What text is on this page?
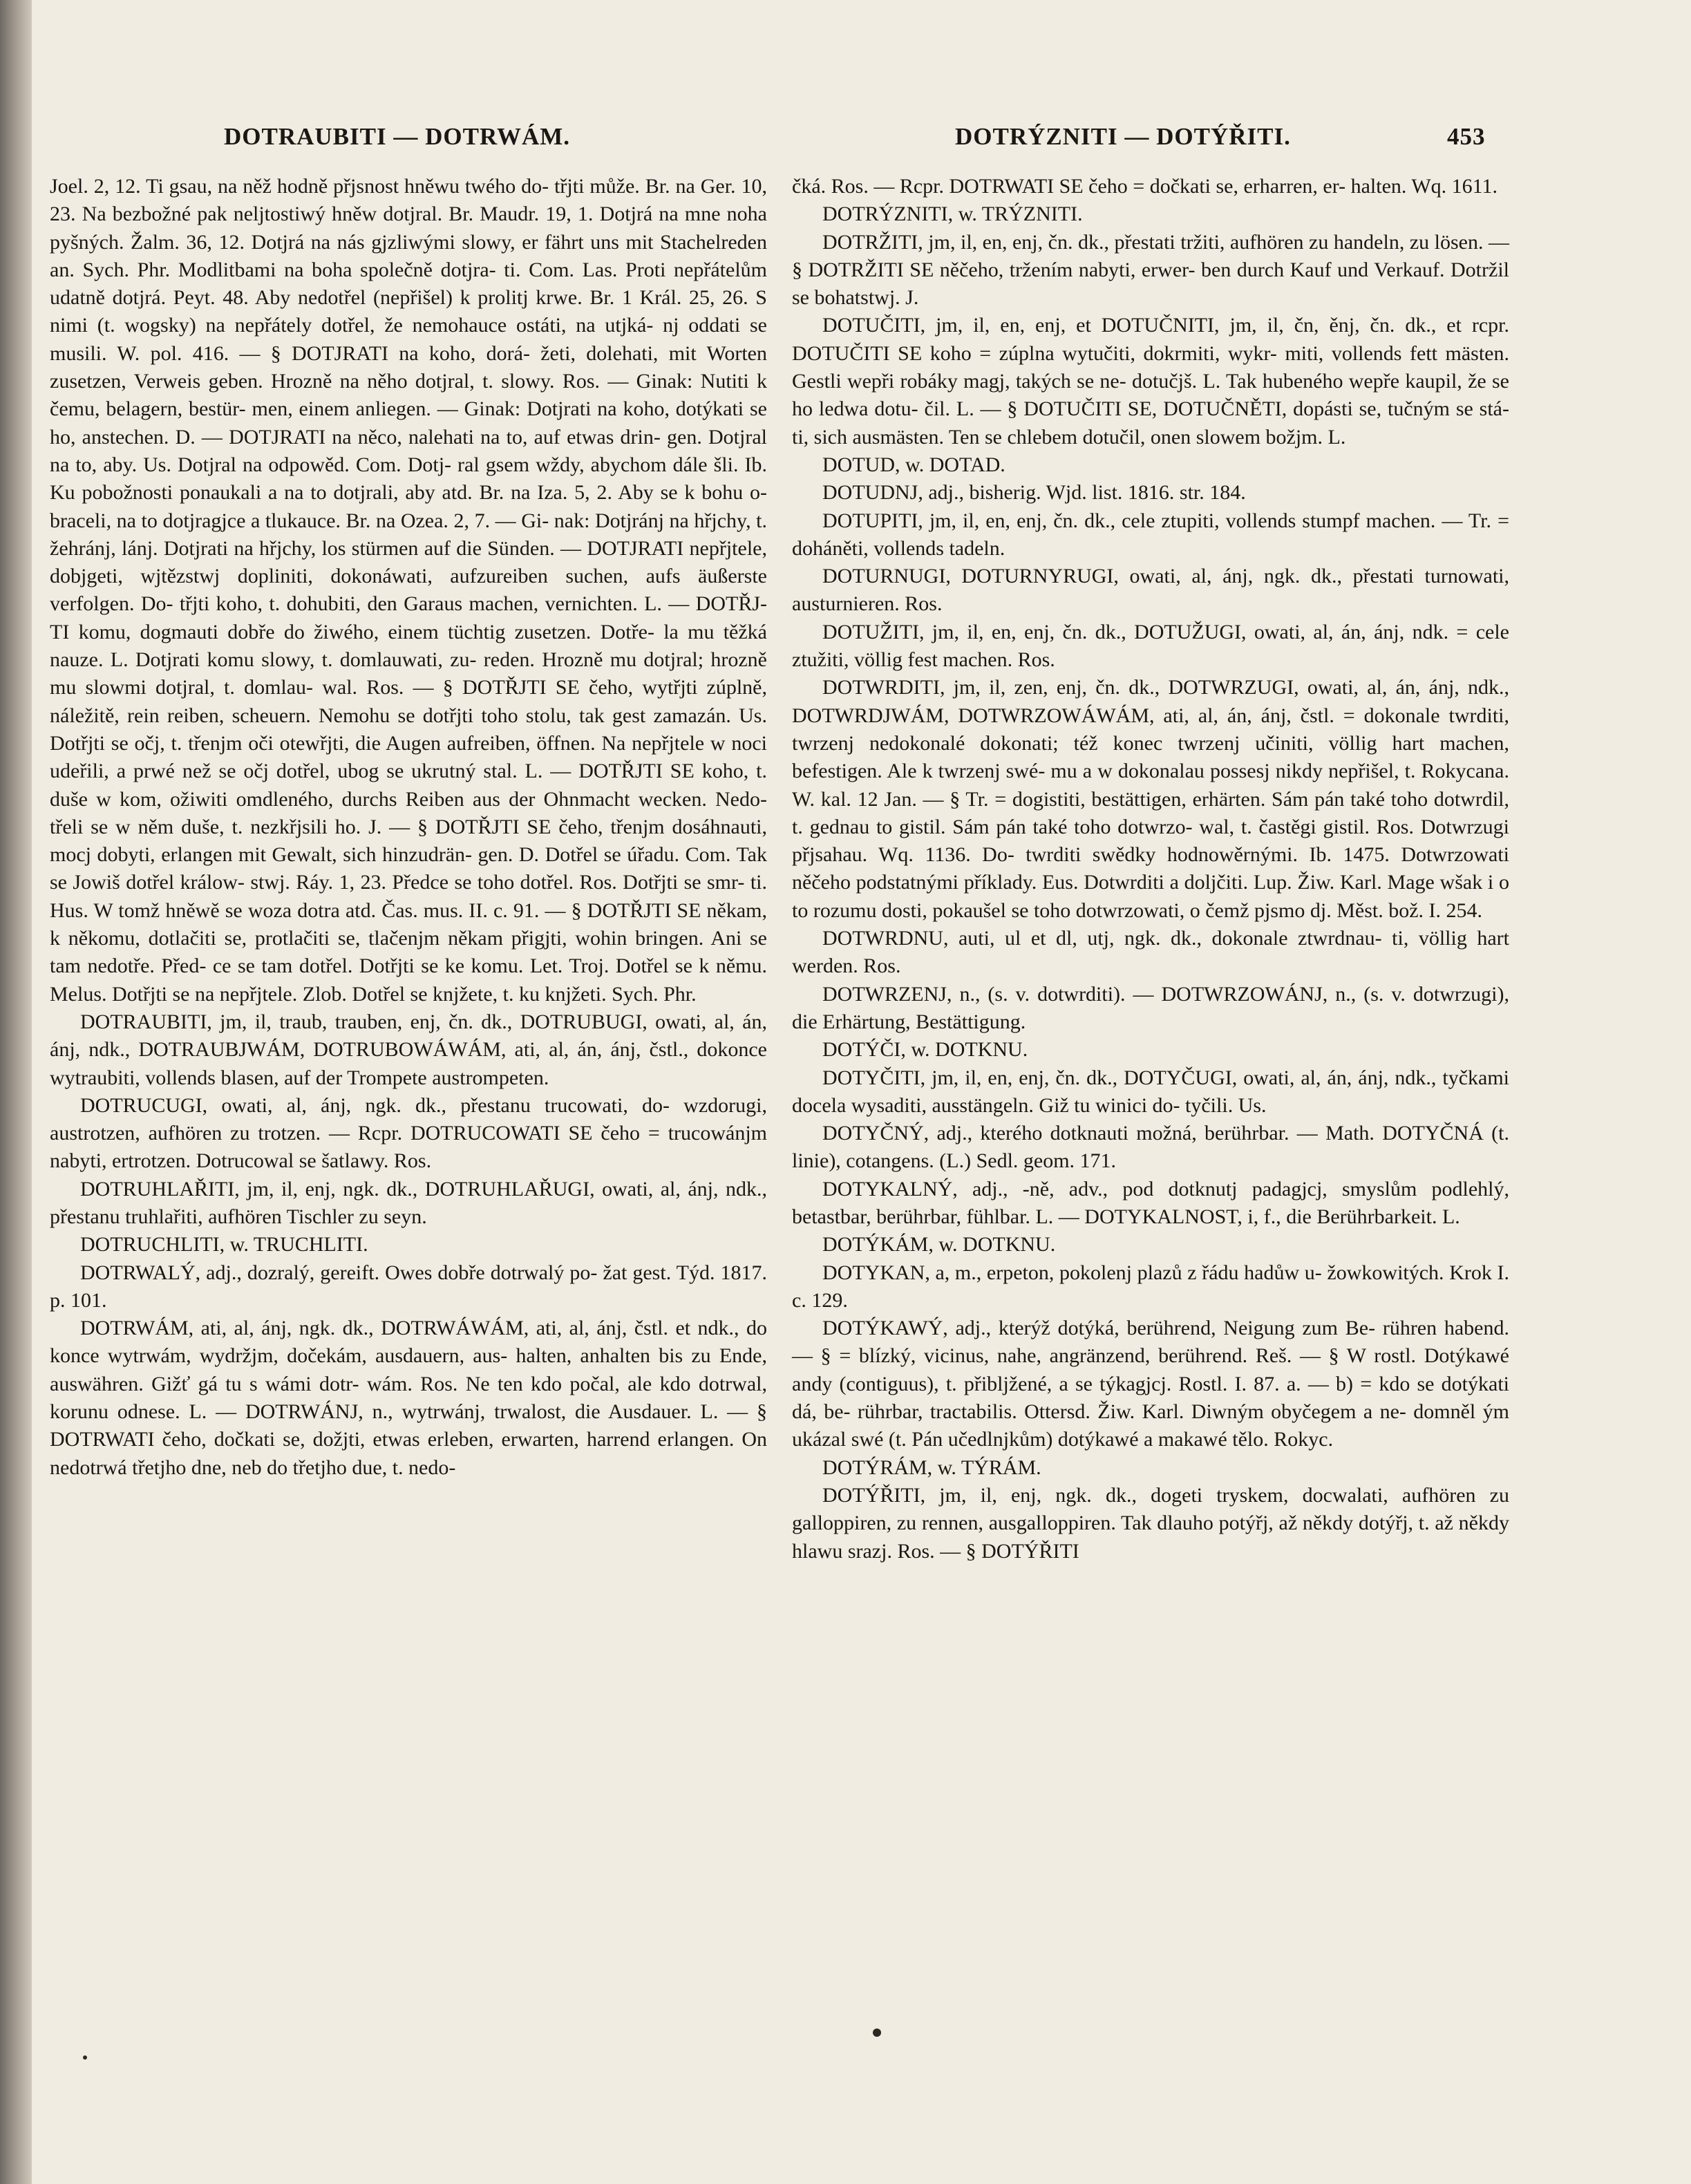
DOTRAUBITI — DOTRWÁM.	DOTRÝZNITI — DOTÝŘITI.	453

Joel. 2, 12. Ti gsau, na něž hodně přjsnost hněwu twého do- třjti může. Br. na Ger. 10, 23. Na bezbožné pak neljtostiwý hněw dotjral. Br. Maudr. 19, 1. Dotjrá na mne noha pyšných. Žalm. 36, 12. Dotjrá na nás gjzliwými slowy, er fährt uns mit Stachelreden an. Sych. Phr. Modlitbami na boha společně dotjra- ti. Com. Las. Proti nepřátelům udatně dotjrá. Peyt. 48. Aby nedotřel (nepřišel) k prolitj krwe. Br. 1 Král. 25, 26. S nimi (t. wogsky) na nepřátely dotřel, že nemohauce ostáti, na utjká- nj oddati se musili. W. pol. 416. — § DOTJRATI na koho, dorá- žeti, dolehati, mit Worten zusetzen, Verweis geben. Hrozně na něho dotjral, t. slowy. Ros. — Ginak: Nutiti k čemu, belagern, bestür- men, einem anliegen. — Ginak: Dotjrati na koho, dotýkati se ho, anstechen. D. — DOTJRATI na něco, nalehati na to, auf etwas drin- gen. Dotjral na to, aby. Us. Dotjral na odpowěd. Com. Dotj- ral gsem wždy, abychom dále šli. Ib. Ku pobožnosti ponaukali a na to dotjrali, aby atd. Br. na Iza. 5, 2. Aby se k bohu o- braceli, na to dotjragjce a tlukauce. Br. na Ozea. 2, 7. — Gi- nak: Dotjránj na hřjchy, t. žehránj, lánj. Dotjrati na hřjchy, los stürmen auf die Sünden. — DOTJRATI nepřjtele, dobjgeti, wjtězstwj dopliniti, dokonáwati, aufzureiben suchen, aufs äußerste verfolgen. Do- třjti koho, t. dohubiti, den Garaus machen, vernichten. L. — DOTŘJ- TI komu, dogmauti dobře do žiwého, einem tüchtig zusetzen. Dotře- la mu těžká nauze. L. Dotjrati komu slowy, t. domlauwati, zu- reden. Hrozně mu dotjral; hrozně mu slowmi dotjral, t. domlau- wal. Ros. — § DOTŘJTI SE čeho, wytřjti zúplně, náležitě, rein reiben, scheuern. Nemohu se dotřjti toho stolu, tak gest zamazán. Us. Dotřjti se očj, t. třenjm oči otewřjti, die Augen aufreiben, öffnen. Na nepřjtele w noci udeřili, a prwé než se očj dotřel, ubog se ukrutný stal. L. — DOTŘJTI SE koho, t. duše w kom, ožiwiti omdleného, durchs Reiben aus der Ohnmacht wecken. Nedo- třeli se w něm duše, t. nezkřjsili ho. J. — § DOTŘJTI SE čeho, třenjm dosáhnauti, mocj dobyti, erlangen mit Gewalt, sich hinzudrän- gen. D. Dotřel se úřadu. Com. Tak se Jowiš dotřel králow- stwj. Ráy. 1, 23. Předce se toho dotřel. Ros. Dotřjti se smr- ti. Hus. W tomž hněwě se woza dotra atd. Čas. mus. II. c. 91. — § DOTŘJTI SE někam, k někomu, dotlačiti se, protlačiti se, tlačenjm někam přigjti, wohin bringen. Ani se tam nedotře. Před- ce se tam dotřel. Dotřjti se ke komu. Let. Troj. Dotřel se k němu. Melus. Dotřjti se na nepřjtele. Zlob. Dotřel se knjžete, t. ku knjžeti. Sych. Phr.

DOTRAUBITI, jm, il, traub, trauben, enj, čn. dk., DOTRUBUGI, owati, al, án, ánj, ndk., DOTRAUBJWÁM, DOTRUBOWÁWÁM, ati, al, án, ánj, čstl., dokonce wytraubiti, vollends blasen, auf der Trompete austrompeten.

DOTRUCUGI, owati, al, ánj, ngk. dk., přestanu trucowati, do- wzdorugi, austrotzen, aufhören zu trotzen. — Rcpr. DOTRUCOWATI SE čeho = trucowánjm nabyti, ertrotzen. Dotrucowal se šatlawy. Ros.

DOTRUHLAŘITI, jm, il, enj, ngk. dk., DOTRUHLAŘUGI, owati, al, ánj, ndk., přestanu truhlařiti, aufhören Tischler zu seyn.

DOTRUCHLITI, w. TRUCHLITI.

DOTRWALÝ, adj., dozralý, gereift. Owes dobře dotrwalý po- žat gest. Týd. 1817. p. 101.

DOTRWÁM, ati, al, ánj, ngk. dk., DOTRWÁWÁM, ati, al, ánj, čstl. et ndk., do konce wytrwám, wydržjm, dočekám, ausdauern, aus- halten, anhalten bis zu Ende, auswähren. Gižť gá tu s wámi dotr- wám. Ros. Ne ten kdo počal, ale kdo dotrwal, korunu odnese. L. — DOTRWÁNJ, n., wytrwánj, trwalost, die Ausdauer. L. — § DOTRWATI čeho, dočkati se, dožjti, etwas erleben, erwarten, harrend erlangen. On nedotrwá třetjho dne, neb do třetjho due, t. nedo-

čká. Ros. — Rcpr. DOTRWATI SE čeho = dočkati se, erharren, er- halten. Wq. 1611.

DOTRÝZNITI, w. TRÝZNITI.

DOTRŽITI, jm, il, en, enj, čn. dk., přestati tržiti, aufhören zu handeln, zu lösen. — § DOTRŽITI SE něčeho, tržením nabyti, erwer- ben durch Kauf und Verkauf. Dotržil se bohatstwj. J.

DOTUČITI, jm, il, en, enj, et DOTUČNITI, jm, il, čn, ěnj, čn. dk., et rcpr. DOTUČITI SE koho = zúplna wytučiti, dokrmiti, wykr- miti, vollends fett mästen. Gestli wepři robáky magj, takých se ne- dotučjš. L. Tak hubeného wepře kaupil, že se ho ledwa dotu- čil. L. — § DOTUČITI SE, DOTUČNĚTI, dopásti se, tučným se stá- ti, sich ausmästen. Ten se chlebem dotučil, onen slowem božjm. L.

DOTUD, w. DOTAD.

DOTUDNJ, adj., bisherig. Wjd. list. 1816. str. 184.

DOTUPITI, jm, il, en, enj, čn. dk., cele ztupiti, vollends stumpf machen. — Tr. = doháněti, vollends tadeln.

DOTURNUGI, DOTURNYRUGI, owati, al, ánj, ngk. dk., přestati turnowati, austurnieren. Ros.

DOTUŽITI, jm, il, en, enj, čn. dk., DOTUŽUGI, owati, al, án, ánj, ndk. = cele ztužiti, völlig fest machen. Ros.

DOTWRDITI, jm, il, zen, enj, čn. dk., DOTWRZUGI, owati, al, án, ánj, ndk., DOTWRDJWÁM, DOTWRZOWÁWÁM, ati, al, án, ánj, čstl. = dokonale twrditi, twrzenj nedokonalé dokonati; též konec twrzenj učiniti, völlig hart machen, befestigen. Ale k twrzenj swé- mu a w dokonalau possesj nikdy nepřišel, t. Rokycana. W. kal. 12 Jan. — § Tr. = dogistiti, bestättigen, erhärten. Sám pán také toho dotwrdil, t. gednau to gistil. Sám pán také toho dotwrzo- wal, t. častěgi gistil. Ros. Dotwrzugi přjsahau. Wq. 1136. Do- twrditi swědky hodnowěrnými. Ib. 1475. Dotwrzowati něčeho podstatnými příklady. Eus. Dotwrditi a doljčiti. Lup. Žiw. Karl. Mage wšak i o to rozumu dosti, pokaušel se toho dotwrzowati, o čemž pjsmo dj. Měst. bož. I. 254.

DOTWRDNU, auti, ul et dl, utj, ngk. dk., dokonale ztwrdnau- ti, völlig hart werden. Ros.

DOTWRZENJ, n., (s. v. dotwrditi). — DOTWRZOWÁNJ, n., (s. v. dotwrzugi), die Erhärtung, Bestättigung.

DOTÝČI, w. DOTKNU.

DOTYČITI, jm, il, en, enj, čn. dk., DOTYČUGI, owati, al, án, ánj, ndk., tyčkami docela wysaditi, ausstängeln. Giž tu winici do- tyčili. Us.

DOTYČNÝ, adj., kterého dotknauti možná, berührbar. — Math. DOTYČNÁ (t. linie), cotangens. (L.) Sedl. geom. 171.

DOTYKALNÝ, adj., -ně, adv., pod dotknutj padagjcj, smyslům podlehlý, betastbar, berührbar, fühlbar. L. — DOTYKALNOST, i, f., die Berührbarkeit. L.

DOTÝKÁM, w. DOTKNU.

DOTYKAN, a, m., erpeton, pokolenj plazů z řádu hadůw u- žowkowitých. Krok I. c. 129.

DOTÝKAWÝ, adj., kterýž dotýká, berührend, Neigung zum Be- rühren habend. — § = blízký, vicinus, nahe, angränzend, berührend. Reš. — § W rostl. Dotýkawé andy (contiguus), t. přibljžené, a se týkagjcj. Rostl. I. 87. a. — b) = kdo se dotýkati dá, be- rührbar, tractabilis. Ottersd. Žiw. Karl. Diwným obyčegem a ne- domněl ým ukázal swé (t. Pán učedlnjkům) dotýkawé a makawé tělo. Rokyc.

DOTÝRÁM, w. TÝRÁM.

DOTÝŘITI, jm, il, enj, ngk. dk., dogeti tryskem, docwalati, aufhören zu galloppiren, zu rennen, ausgalloppiren. Tak dlauho potýřj, až někdy dotýřj, t. až někdy hlawu srazj. Ros. — § DOTÝŘITI
